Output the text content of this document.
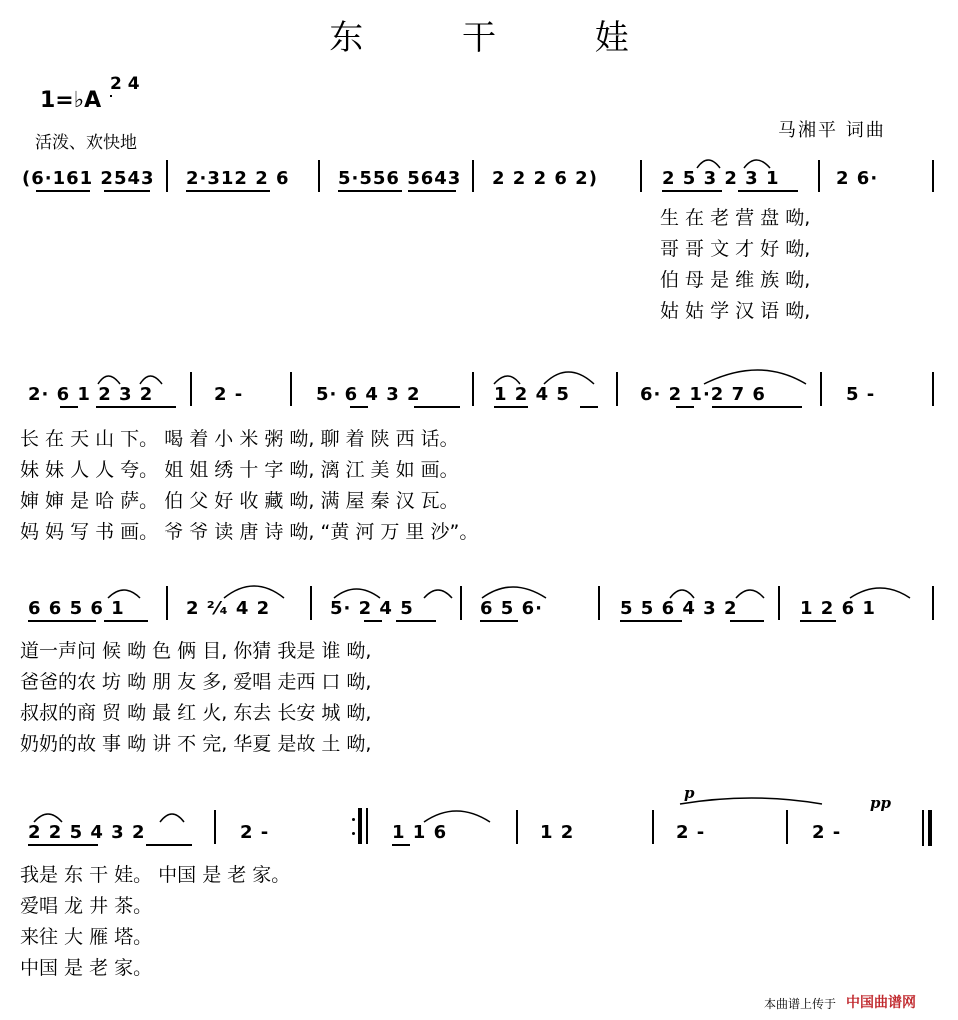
东 干 娃
1=♭A
2 4
活泼、欢快地
马湘平 词曲
(6·161 2543 2·312 2 6	5·556 5643 2 2 2 6 2)	2 5 3 2 3 1	2 6·
生 在 老 营 盘 呦,
哥 哥 文 才 好 呦,
伯 母 是 维 族 呦,
姑 姑 学 汉 语 呦,
2· 6 1 2 3 2	2 -	5· 6 4 3 2	1 2 4 5	6· 2 1·2 7 6	5 -
长 在 天 山 下。 喝 着 小 米 粥 呦, 聊 着 陕 西 话。
妹 妹 人 人 夸。 姐 姐 绣 十 字 呦, 漓 江 美 如 画。
婶 婶 是 哈 萨。 伯 父 好 收 藏 呦, 满 屋 秦 汉 瓦。
妈 妈 写 书 画。 爷 爷 读 唐 诗 呦, “黄 河 万 里 沙”。
6 6 5 6 1	2 ²⁄₄ 4 2	5· 2 4 5	6 5 6·	5 5 6 4 3 2	1 2 6 1
道一声问 候 呦 色 俩 目, 你猜 我是 谁 呦,
爸爸的农 坊 呦 朋 友 多, 爱唱 走西 口 呦,
叔叔的商 贸 呦 最 红 火, 东去 长安 城 呦,
奶奶的故 事 呦 讲 不 完, 华夏 是故 土 呦,
2 2 5 4 3 2	2 -	1 1 6	1 2	2 -	2 -
p
pp
我是 东 干 娃。 中国 是 老 家。
爱唱 龙 井 茶。
来往 大 雁 塔。
中国 是 老 家。
本曲谱上传于 中国曲谱网
